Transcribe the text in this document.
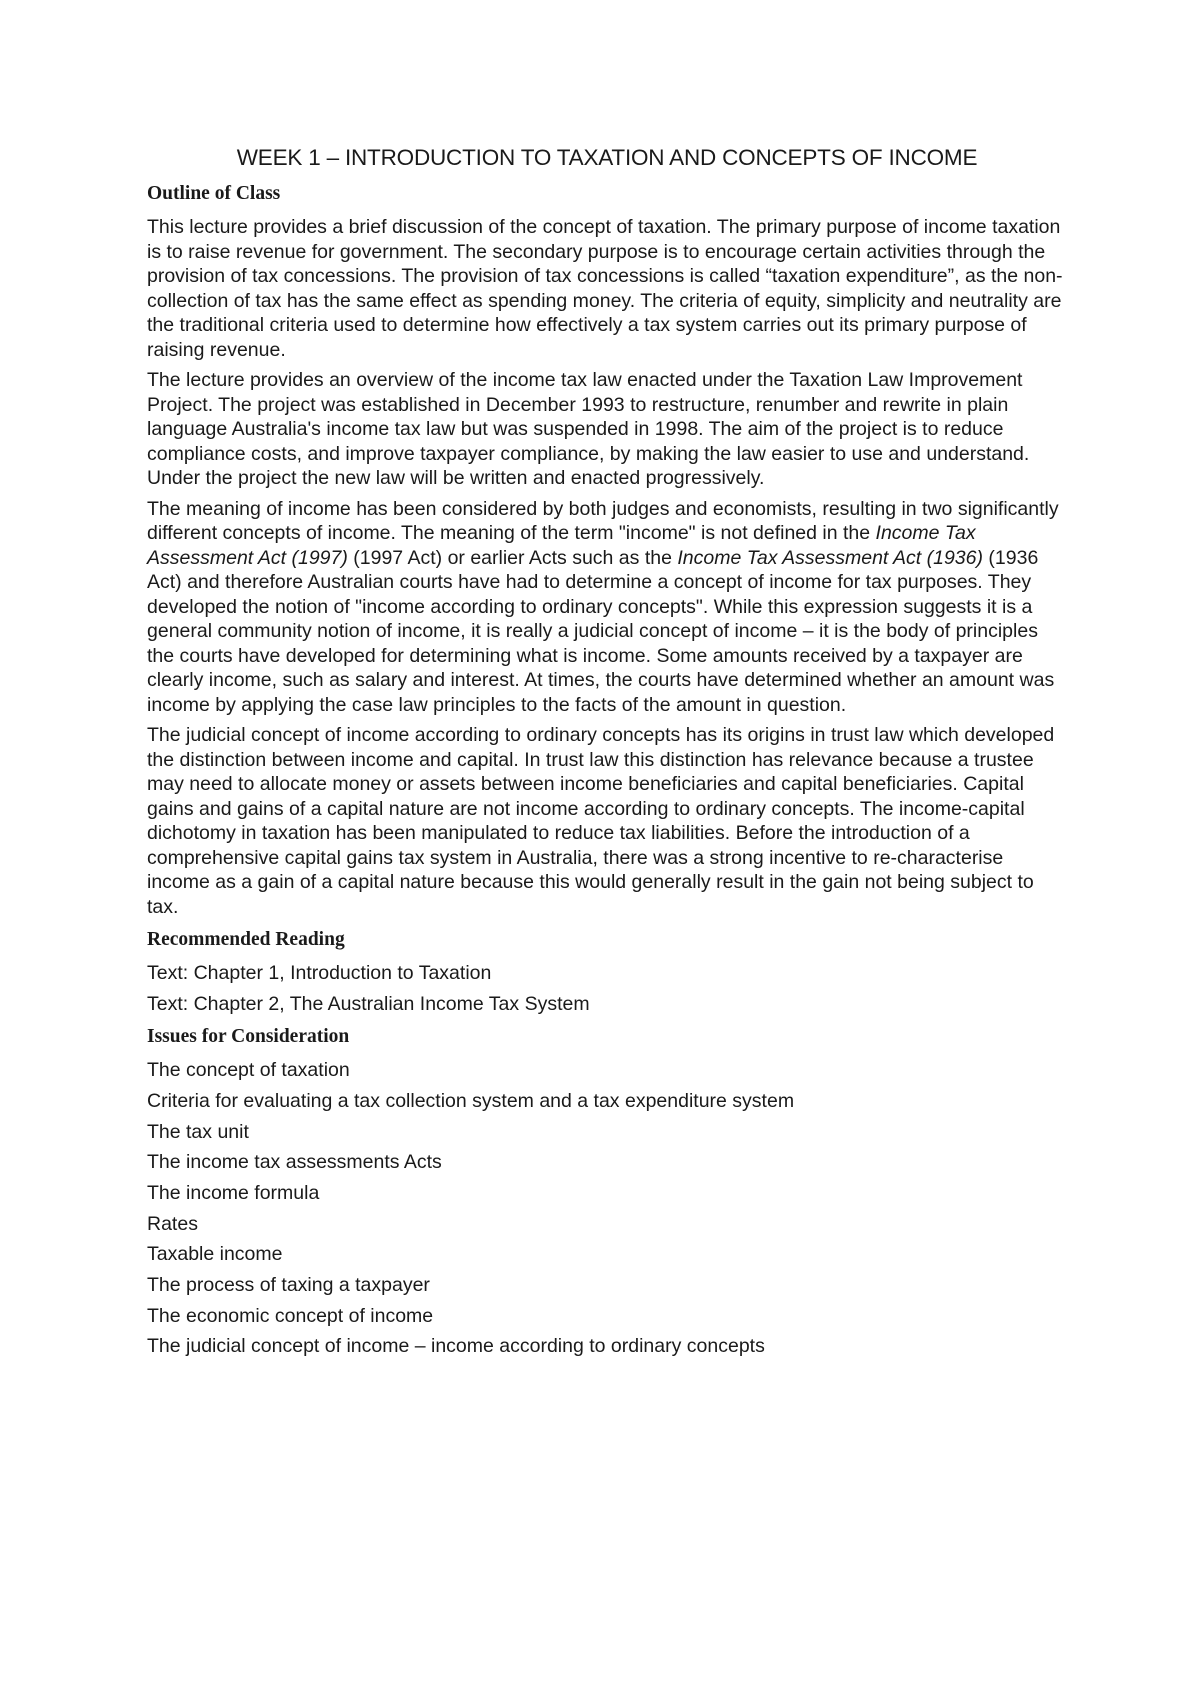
WEEK 1 – INTRODUCTION TO TAXATION AND CONCEPTS OF INCOME
Outline of Class

This lecture provides a brief discussion of the concept of taxation. The primary purpose of income taxation is to raise revenue for government. The secondary purpose is to encourage certain activities through the provision of tax concessions. The provision of tax concessions is called “taxation expenditure”, as the non-collection of tax has the same effect as spending money. The criteria of equity, simplicity and neutrality are the traditional criteria used to determine how effectively a tax system carries out its primary purpose of raising revenue.

The lecture provides an overview of the income tax law enacted under the Taxation Law Improvement Project. The project was established in December 1993 to restructure, renumber and rewrite in plain language Australia's income tax law but was suspended in 1998. The aim of the project is to reduce compliance costs, and improve taxpayer compliance, by making the law easier to use and understand. Under the project the new law will be written and enacted progressively.

The meaning of income has been considered by both judges and economists, resulting in two significantly different concepts of income. The meaning of the term "income" is not defined in the Income Tax Assessment Act (1997) (1997 Act) or earlier Acts such as the Income Tax Assessment Act (1936) (1936 Act) and therefore Australian courts have had to determine a concept of income for tax purposes. They developed the notion of "income according to ordinary concepts". While this expression suggests it is a general community notion of income, it is really a judicial concept of income – it is the body of principles the courts have developed for determining what is income. Some amounts received by a taxpayer are clearly income, such as salary and interest. At times, the courts have determined whether an amount was income by applying the case law principles to the facts of the amount in question.

The judicial concept of income according to ordinary concepts has its origins in trust law which developed the distinction between income and capital. In trust law this distinction has relevance because a trustee may need to allocate money or assets between income beneficiaries and capital beneficiaries. Capital gains and gains of a capital nature are not income according to ordinary concepts. The income-capital dichotomy in taxation has been manipulated to reduce tax liabilities. Before the introduction of a comprehensive capital gains tax system in Australia, there was a strong incentive to re-characterise income as a gain of a capital nature because this would generally result in the gain not being subject to tax.

Recommended Reading
Text: Chapter 1, Introduction to Taxation
Text: Chapter 2, The Australian Income Tax System
Issues for Consideration
The concept of taxation
Criteria for evaluating a tax collection system and a tax expenditure system
The tax unit
The income tax assessments Acts
The income formula
Rates
Taxable income
The process of taxing a taxpayer
The economic concept of income
The judicial concept of income – income according to ordinary concepts
